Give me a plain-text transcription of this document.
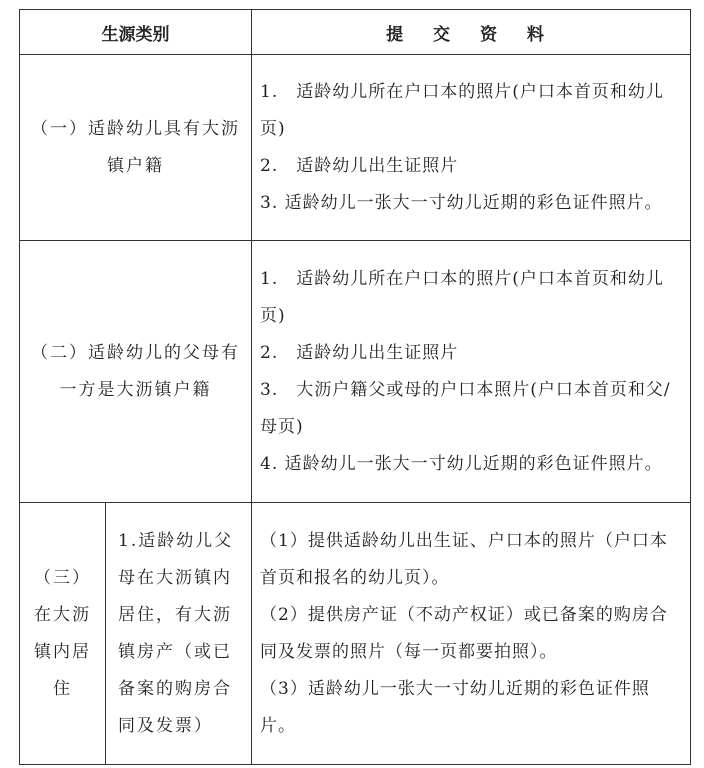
生源类别		提 交 资 料
（一）适龄幼儿具有大沥镇户籍		1.　适龄幼儿所在户口本的照片(户口本首页和幼儿页)
2.　适龄幼儿出生证照片
3. 适龄幼儿一张大一寸幼儿近期的彩色证件照片。

（二）适龄幼儿的父母有一方是大沥镇户籍		1.　适龄幼儿所在户口本的照片(户口本首页和幼儿页)
2.　适龄幼儿出生证照片
3.　大沥户籍父或母的户口本照片(户口本首页和父/母页)
4. 适龄幼儿一张大一寸幼儿近期的彩色证件照片。

（三）在大沥镇内居住	1.适龄幼儿父母在大沥镇内居住，有大沥镇房产（或已备案的购房合同及发票）	（1）提供适龄幼儿出生证、户口本的照片（户口本首页和报名的幼儿页）。
（2）提供房产证（不动产权证）或已备案的购房合同及发票的照片（每一页都要拍照）。
（3）适龄幼儿一张大一寸幼儿近期的彩色证件照片。
